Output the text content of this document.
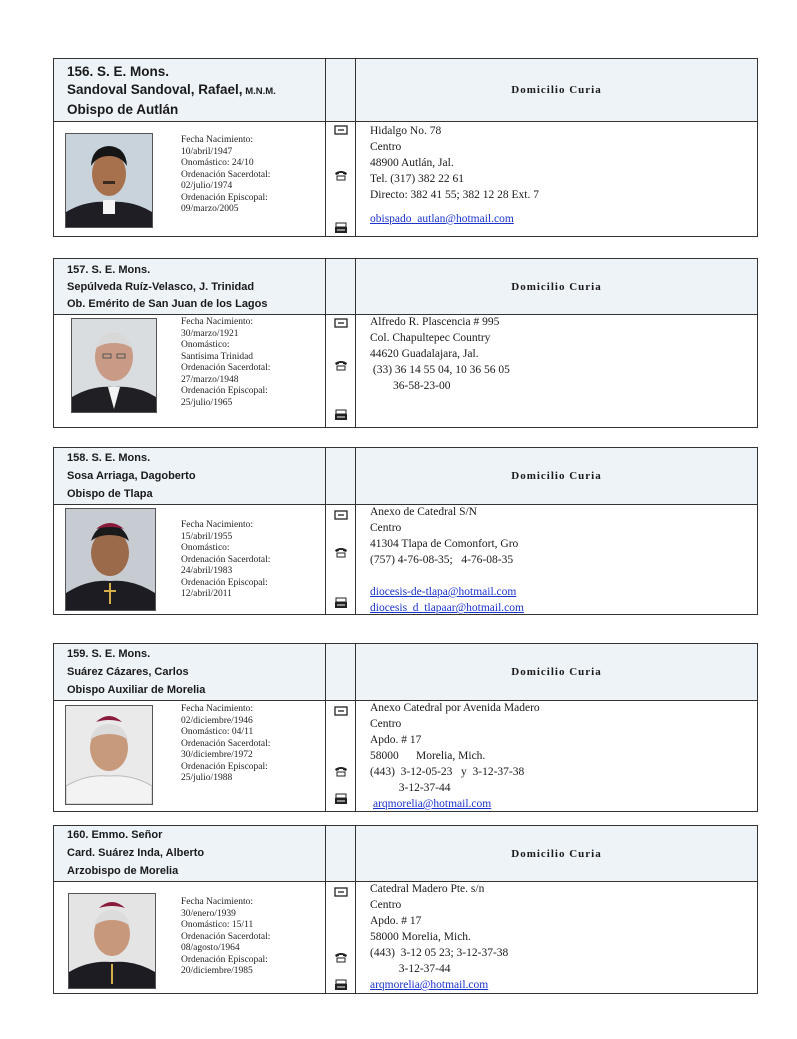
156. S. E. Mons.
Sandoval Sandoval, Rafael, M.N.M.
Obispo de Autlán
Domicilio Curia
Fecha Nacimiento:
10/abril/1947
Onomástico: 24/10
Ordenación Sacerdotal:
02/julio/1974
Ordenación Episcopal:
09/marzo/2005
Hidalgo No. 78
Centro
48900 Autlán, Jal.
Tel. (317) 382 22 61
Directo: 382 41 55; 382 12 28 Ext. 7
obispado_autlan@hotmail.com
157. S. E. Mons.
Sepúlveda Ruíz-Velasco, J. Trinidad
Ob. Emérito de San Juan de los Lagos
Domicilio Curia
Fecha Nacimiento:
30/marzo/1921
Onomástico:
Santísima Trinidad
Ordenación Sacerdotal:
27/marzo/1948
Ordenación Episcopal:
25/julio/1965
Alfredo R. Plascencia # 995
Col. Chapultepec Country
44620 Guadalajara, Jal.
(33) 36 14 55 04, 10 36 56 05
36-58-23-00
158. S. E. Mons.
Sosa Arriaga, Dagoberto
Obispo de Tlapa
Domicilio Curia
Fecha Nacimiento:
15/abril/1955
Onomástico:
Ordenación Sacerdotal:
24/abril/1983
Ordenación Episcopal:
12/abril/2011
Anexo de Catedral S/N
Centro
41304 Tlapa de Comonfort, Gro
(757) 4-76-08-35;   4-76-08-35
diocesis-de-tlapa@hotmail.com
diocesis_d_tlapaar@hotmail.com
159. S. E. Mons.
Suárez Cázares, Carlos
Obispo Auxiliar de Morelia
Domicilio Curia
Fecha Nacimiento:
02/diciembre/1946
Onomástico: 04/11
Ordenación Sacerdotal:
30/diciembre/1972
Ordenación Episcopal:
25/julio/1988
Anexo Catedral por Avenida Madero
Centro
Apdo. # 17
58000      Morelia, Mich.
(443)  3-12-05-23   y  3-12-37-38
3-12-37-44
arqmorelia@hotmail.com
160. Emmo. Señor
Card. Suárez Inda, Alberto
Arzobispo de Morelia
Domicilio Curia
Fecha Nacimiento:
30/enero/1939
Onomástico: 15/11
Ordenación Sacerdotal:
08/agosto/1964
Ordenación Episcopal:
20/diciembre/1985
Catedral Madero Pte. s/n
Centro
Apdo. # 17
58000 Morelia, Mich.
(443)  3-12 05 23; 3-12-37-38
3-12-37-44
arqmorelia@hotmail.com
